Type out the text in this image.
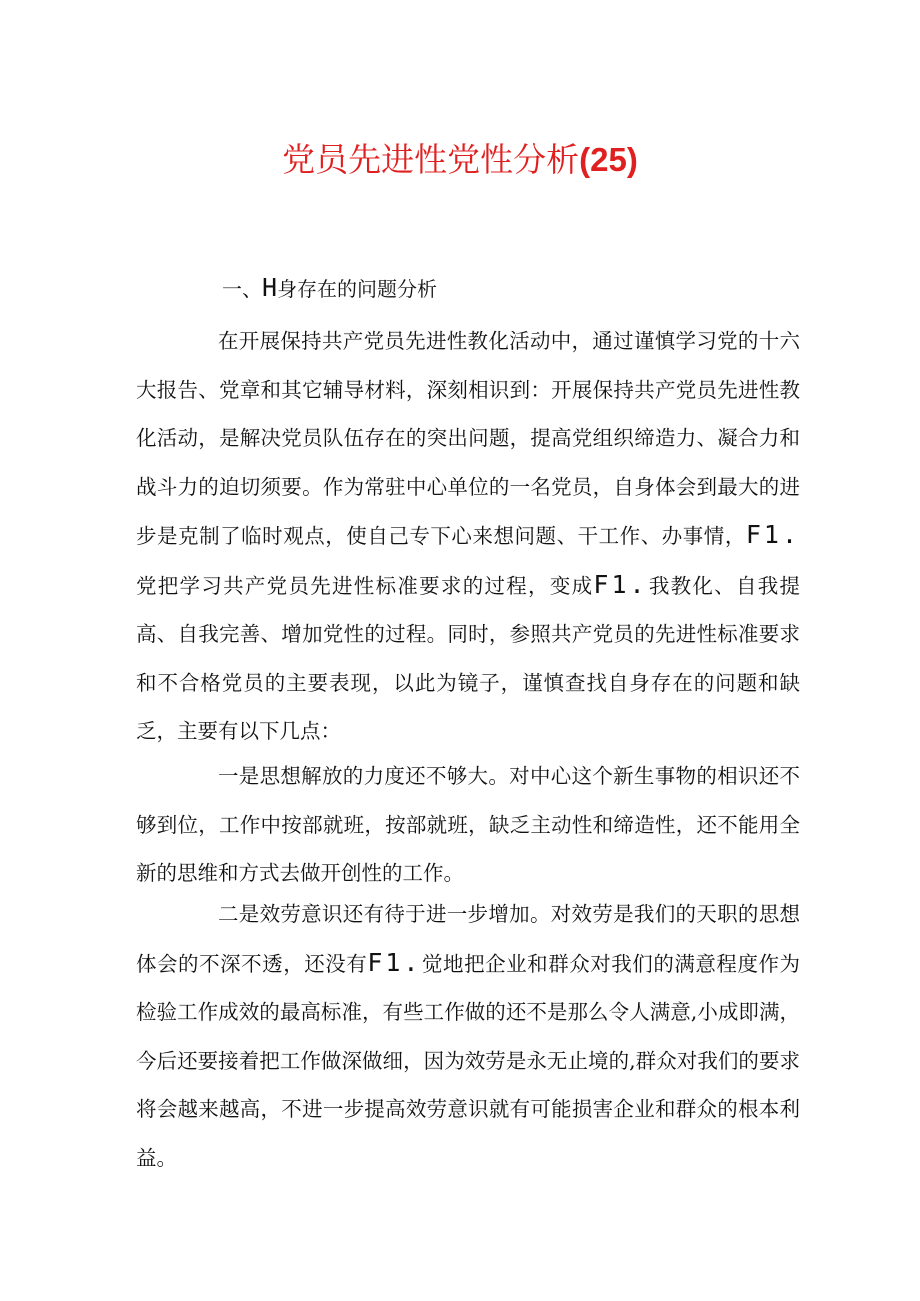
党员先进性党性分析(25)
一、H身存在的问题分析

在开展保持共产党员先进性教化活动中，通过谨慎学习党的十六大报告、党章和其它辅导材料，深刻相识到：开展保持共产党员先进性教化活动，是解决党员队伍存在的突出问题，提高党组织缔造力、凝合力和战斗力的迫切须要。作为常驻中心单位的一名党员，自身体会到最大的进步是克制了临时观点，使自己专下心来想问题、干工作、办事情，F1.党把学习共产党员先进性标准要求的过程，变成F1.我教化、自我提高、自我完善、增加党性的过程。同时，参照共产党员的先进性标准要求和不合格党员的主要表现，以此为镜子，谨慎查找自身存在的问题和缺乏，主要有以下几点：

一是思想解放的力度还不够大。对中心这个新生事物的相识还不够到位，工作中按部就班，按部就班，缺乏主动性和缔造性，还不能用全新的思维和方式去做开创性的工作。

二是效劳意识还有待于进一步增加。对效劳是我们的天职的思想体会的不深不透，还没有F1.觉地把企业和群众对我们的满意程度作为检验工作成效的最高标准，有些工作做的还不是那么令人满意,小成即满，今后还要接着把工作做深做细，因为效劳是永无止境的,群众对我们的要求将会越来越高，不进一步提高效劳意识就有可能损害企业和群众的根本利益。
